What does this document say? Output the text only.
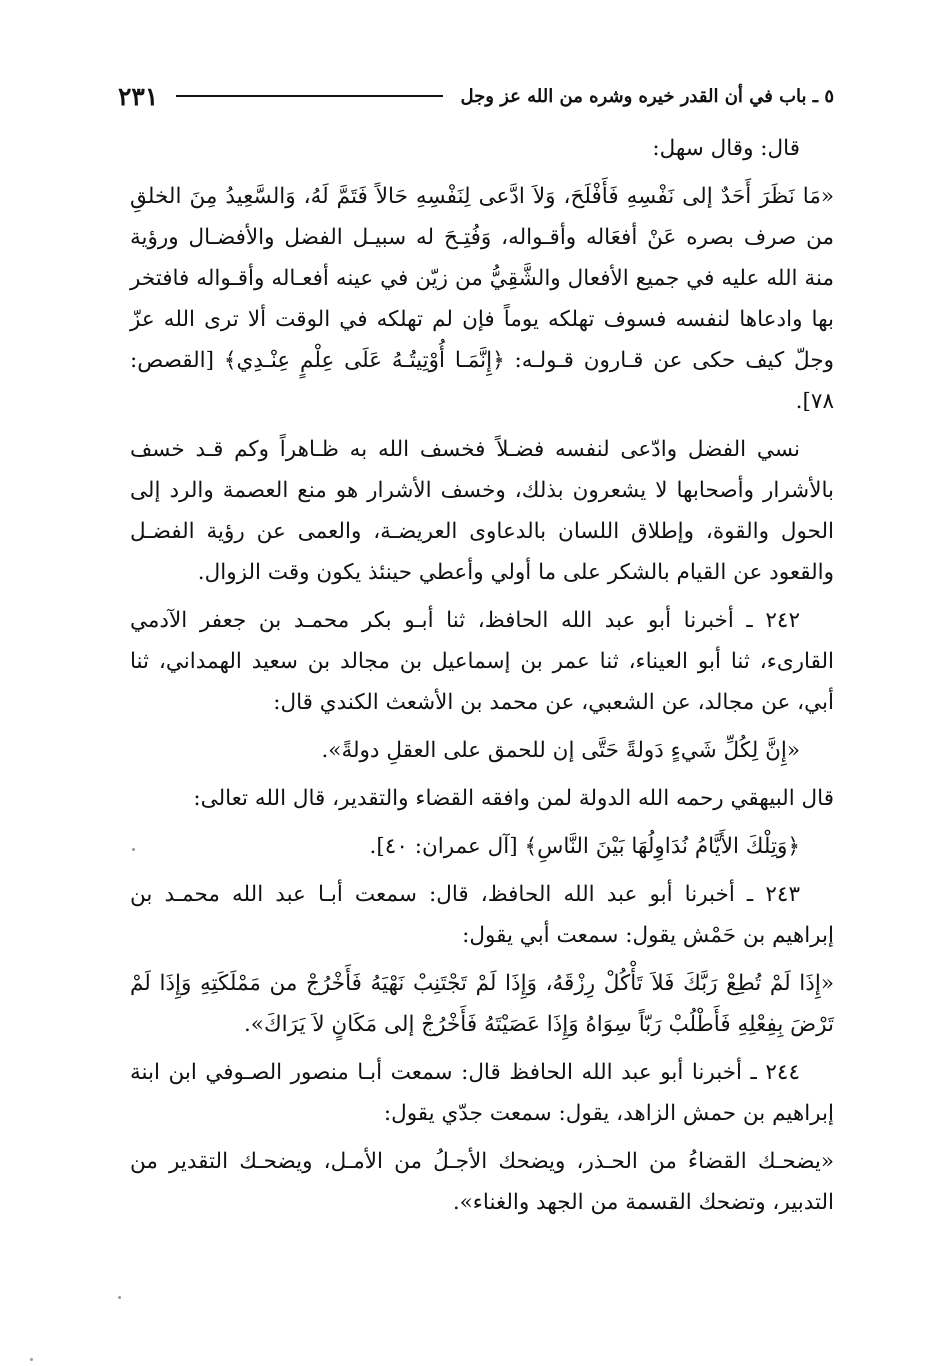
٢٣١	٥ ـ باب في أن القدر خيره وشره من الله عز وجل

قال: وقال سهل:

«مَا نَظَرَ أَحَدٌ إلى نَفْسِهِ فَأَفْلَحَ، وَلاَ ادَّعى لِنَفْسِهِ حَالاً فَتَمَّ لَهُ، وَالسَّعِيدُ مِنَ الخلقِ من صرف بصره عَنْ أفعَاله وأقـواله، وَفُتِـحَ له سبيـل الفضل والأفضـال ورؤية منة الله عليه في جميع الأفعال والشَّقِيُّ من زيّن في عينه أفعـاله وأقـواله فافتخر بها وادعاها لنفسه فسوف تهلكه يوماً فإن لم تهلكه في الوقت ألا ترى الله عزّ وجلّ كيف حكى عن قـارون قـولـه: ﴿إِنَّمَـا أُوْتِيتُـهُ عَلَى عِلْمٍ عِنْـدِي﴾ [القصص: ٧٨].

نسي الفضل وادّعى لنفسه فضـلاً فخسف الله به ظـاهراً وكم قـد خسف بالأشرار وأصحابها لا يشعرون بذلك، وخسف الأشرار هو منع العصمة والرد إلى الحول والقوة، وإطلاق اللسان بالدعاوى العريضـة، والعمى عن رؤية الفضـل والقعود عن القيام بالشكر على ما أولي وأعطي حينئذ يكون وقت الزوال.

٢٤٢ ـ أخبرنا أبو عبد الله الحافظ، ثنا أبـو بكر محمـد بن جعفر الآدمي القارىء، ثنا أبو العيناء، ثنا عمر بن إسماعيل بن مجالد بن سعيد الهمداني، ثنا أبي، عن مجالد، عن الشعبي، عن محمد بن الأشعث الكندي قال:

«إِنَّ لِكُلِّ شَيءٍ دَولةً حَتَّى إن للحمق على العقلِ دولةً».

قال البيهقي رحمه الله الدولة لمن وافقه القضاء والتقدير، قال الله تعالى:

﴿وَتِلْكَ الأَيَّامُ نُدَاوِلُهَا بَيْنَ النَّاسِ﴾ [آل عمران: ٤٠].

٢٤٣ ـ أخبرنا أبو عبد الله الحافظ، قال: سمعت أبـا عبد الله محمـد بن إبراهيم بن حَمْش يقول: سمعت أبي يقول:

«إِذَا لَمْ تُطِعْ رَبَّكَ فَلاَ تَأْكُلْ رِزْقَهُ، وَإِذَا لَمْ تَجْتَنِبْ نَهْيَهُ فَأَخْرُجْ من مَمْلَكَتِهِ وَإِذَا لَمْ تَرْضَ بِفِعْلِهِ فَأَطْلُبْ رَبّاً سِوَاهُ وَإِذَا عَصَيْتَهُ فَأَخْرُجْ إلى مَكَانٍ لاَ يَرَاكَ».

٢٤٤ ـ أخبرنا أبو عبد الله الحافظ قال: سمعت أبـا منصور الصـوفي ابن ابنة إبراهيم بن حمش الزاهد، يقول: سمعت جدّي يقول:

«يضحـك القضاءُ من الحـذر، ويضحك الأجـلُ من الأمـل، ويضحـك التقدير من التدبير، وتضحك القسمة من الجهد والغناء».
